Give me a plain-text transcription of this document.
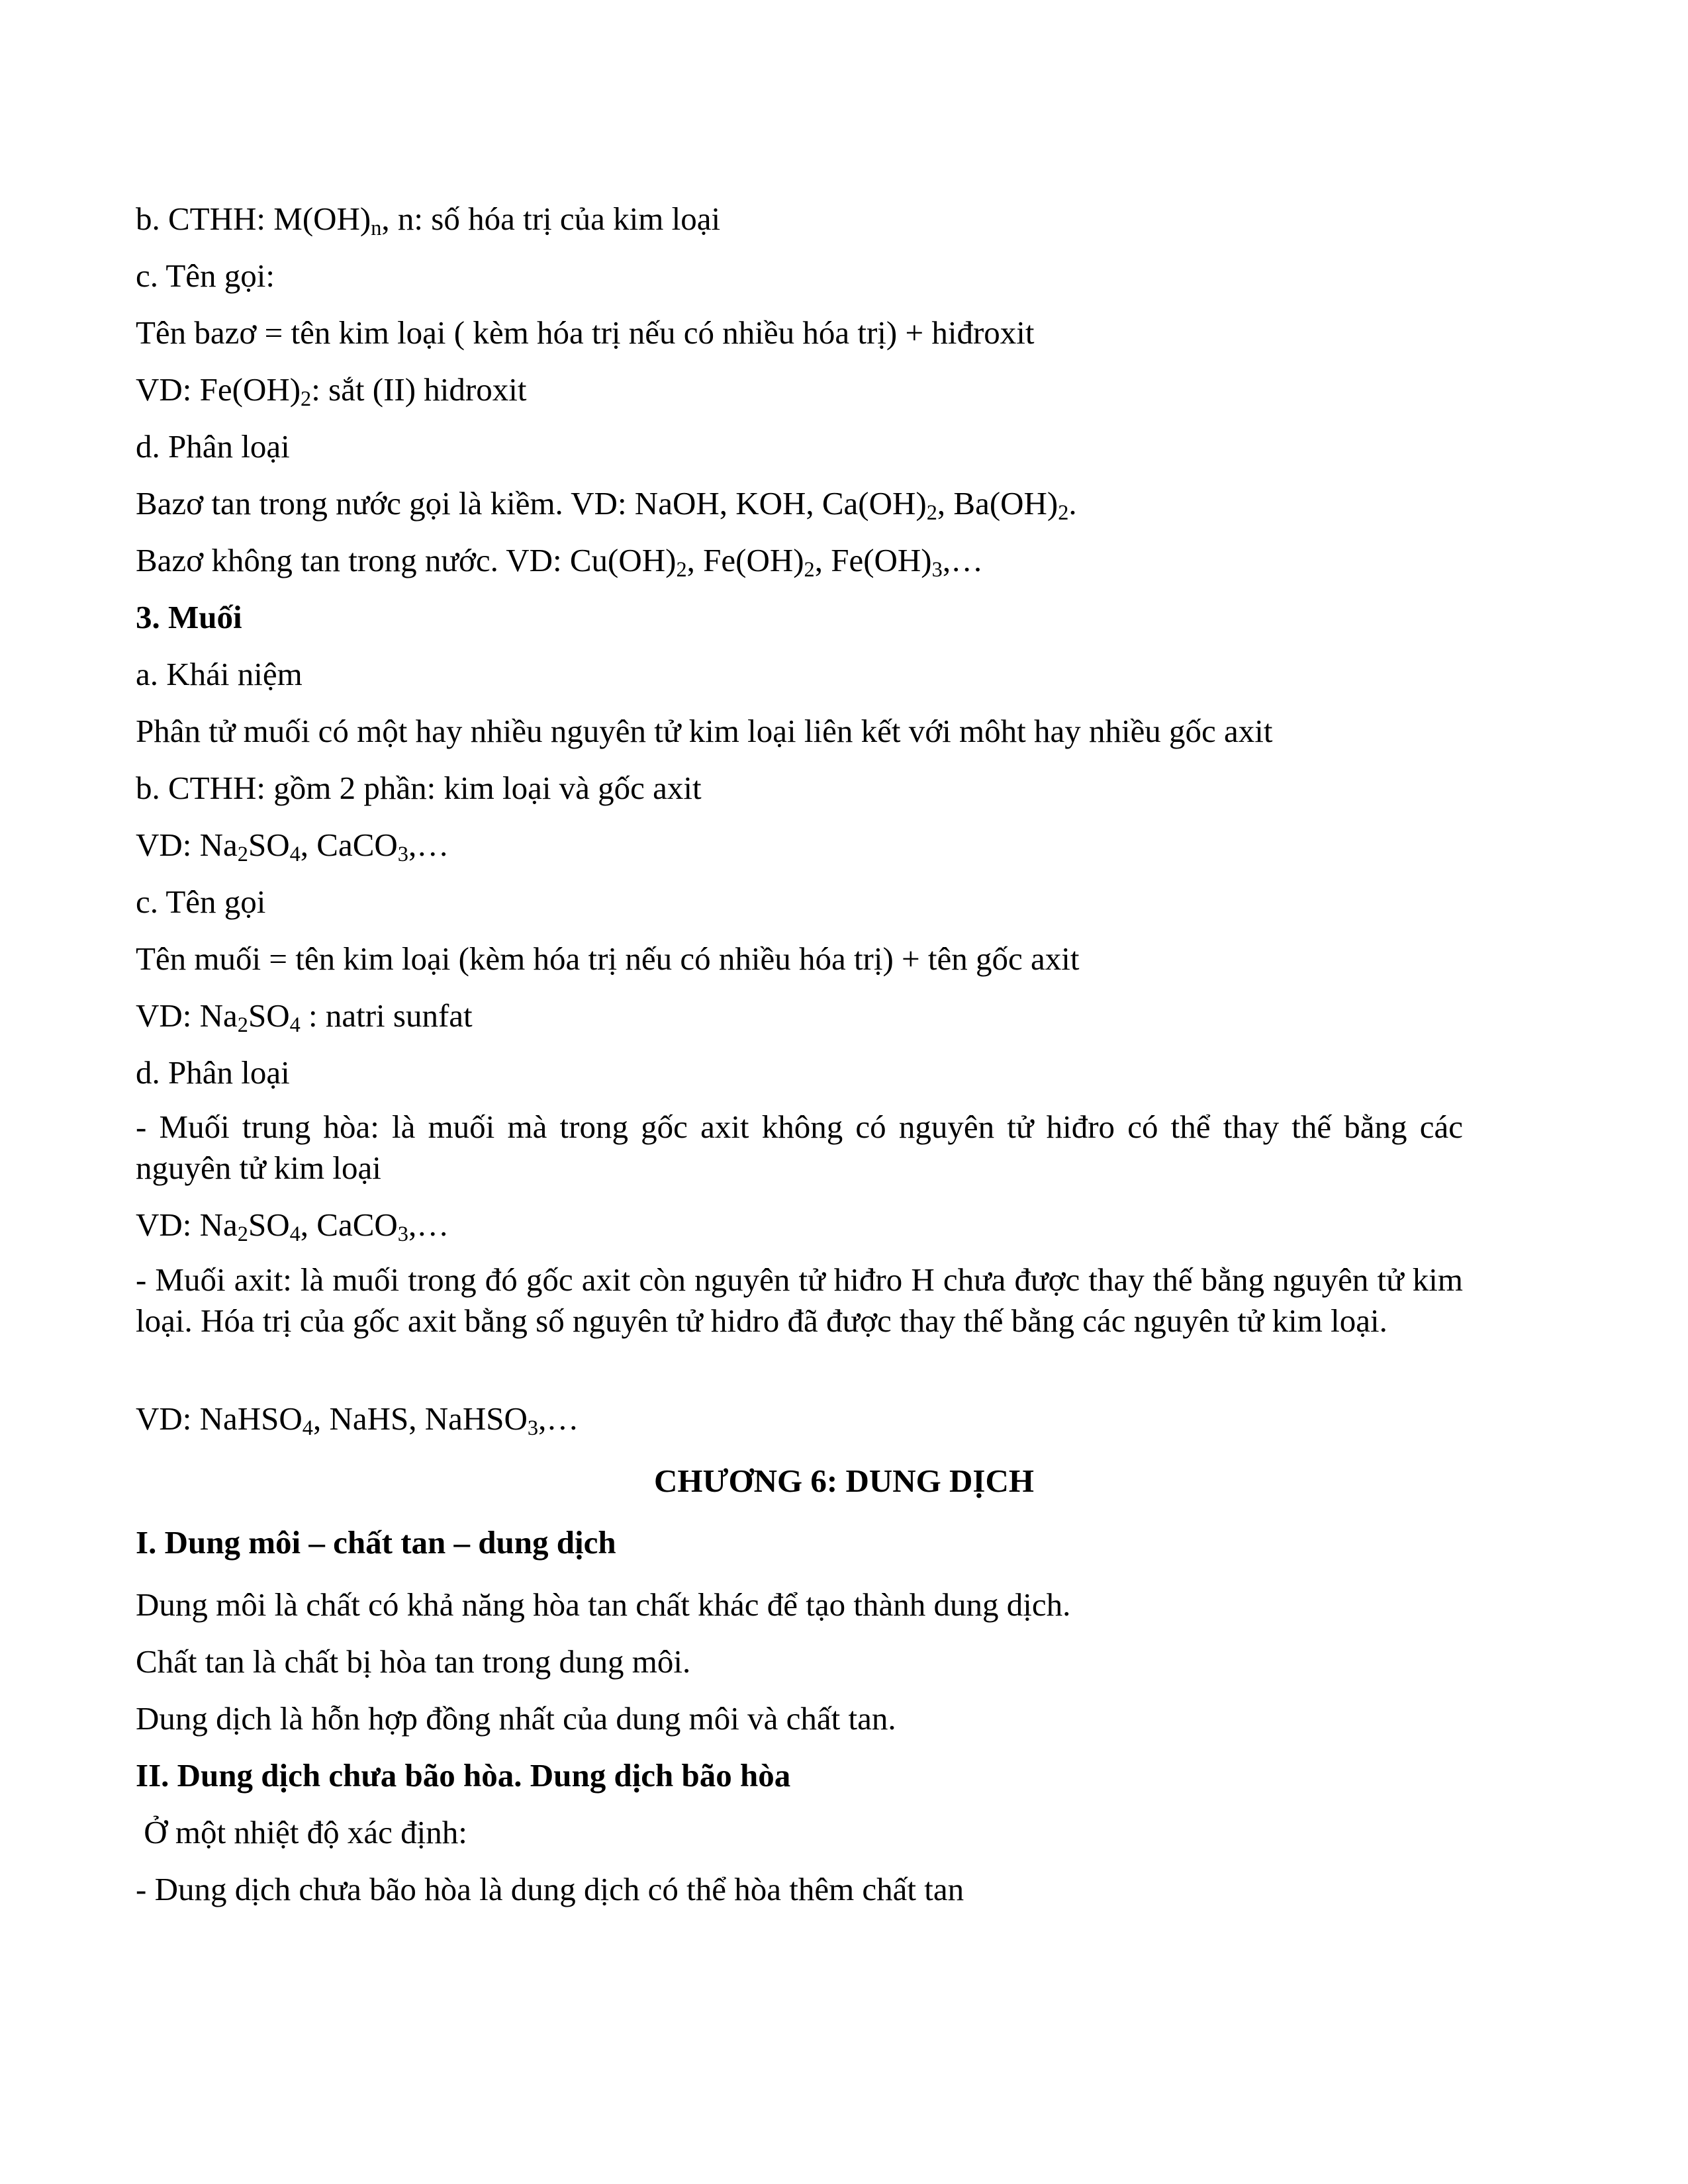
b. CTHH: $M(OH)_n$, n: số hóa trị của kim loại

c. Tên gọi:

Tên bazơ = tên kim loại ( kèm hóa trị nếu có nhiều hóa trị) + hiđroxit

VD: $Fe(OH)_2$: sắt (II) hidroxit

d. Phân loại

Bazơ tan trong nước gọi là kiềm. VD: NaOH, KOH, $Ca(OH)_2$, $Ba(OH)_2$.

Bazơ không tan trong nước. VD: $Cu(OH)_2$, $Fe(OH)_2$, $Fe(OH)_3,\dots$

3. Muối

a. Khái niệm

Phân tử muối có một hay nhiều nguyên tử kim loại liên kết với môht hay nhiều gốc axit

b. CTHH: gồm 2 phần: kim loại và gốc axit

VD: $Na_2SO_4$, CaCO$_3$,…

c. Tên gọi

Tên muối = tên kim loại (kèm hóa trị nếu có nhiều hóa trị) + tên gốc axit

VD: $Na_2SO_4$ : natri sunfat

d. Phân loại

- Muối trung hòa: là muối mà trong gốc axit không có nguyên tử hiđro có thể thay thế bằng các nguyên tử kim loại

VD: $Na_2SO_4$, CaCO$_3$,…

- Muối axit: là muối trong đó gốc axit còn nguyên tử hiđro H chưa được thay thế bằng nguyên tử kim loại. Hóa trị của gốc axit bằng số nguyên tử hidro đã được thay thế bằng các nguyên tử kim loại.

VD: NaHSO$_4$, NaHS, NaHSO$_3$,…

CHƯƠNG 6: DUNG DỊCH

I. Dung môi – chất tan – dung dịch

Dung môi là chất có khả năng hòa tan chất khác để tạo thành dung dịch.

Chất tan là chất bị hòa tan trong dung môi.

Dung dịch là hỗn hợp đồng nhất của dung môi và chất tan.

II. Dung dịch chưa bão hòa. Dung dịch bão hòa

Ở một nhiệt độ xác định:

- Dung dịch chưa bão hòa là dung dịch có thể hòa thêm chất tan
